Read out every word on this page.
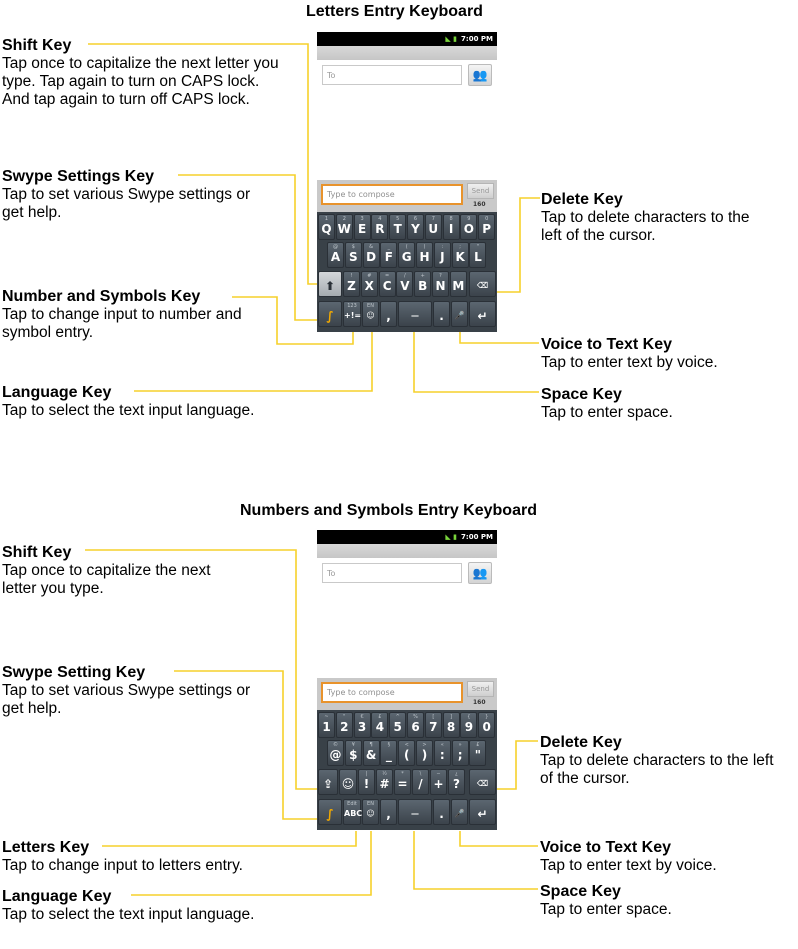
Letters Entry Keyboard
Numbers and Symbols Entry Keyboard
Shift Key
Tap once to capitalize the next letter you type. Tap again to turn on CAPS lock. And tap again to turn off CAPS lock.
Swype Settings Key
Tap to set various Swype settings or get help.
Number and Symbols Key
Tap to change input to number and symbol entry.
Language Key
Tap to select the text input language.
Delete Key
Tap to delete characters to the left of the cursor.
Voice to Text Key
Tap to enter text by voice.
Space Key
Tap to enter space.
◣ ▮ 7:00 PM
To	👥
Type to compose	Send
160
1
Q
2
W
3
E
4
R
5
T
6
Y
7
U
8
I
9
O
0
P
@
A
$
S
&
D
_
F
(
G
)
H
:
J
;
K
"
L
⬆
!
Z
#
X
=
C
/
V
+
B
?
N M	⌫
∫
123
+!=
EN
☺ ,	—	.	🎤	↵
Shift Key
Tap once to capitalize the next letter you type.
Swype Setting Key
Tap to set various Swype settings or get help.
Letters Key
Tap to change input to letters entry.
Language Key
Tap to select the text input language.
Delete Key
Tap to delete characters to the left of the cursor.
Voice to Text Key
Tap to enter text by voice.
Space Key
Tap to enter space.
◣ ▮ 7:00 PM
To	👥
Type to compose	Send
160
~
1
"
2
€
3
£
4
^
5
%
6
[
7
]
8
{
9
}
0
©
@
¥
$
¶
&
§
_
<
(
>
)
«
:
»
;
£
"
⇪ ☺
|
!
½
#
*
=
\
/
−
+
¿
?	⌫
∫
Edit
ABC
EN
☺ ,	—	.	🎤	↵
